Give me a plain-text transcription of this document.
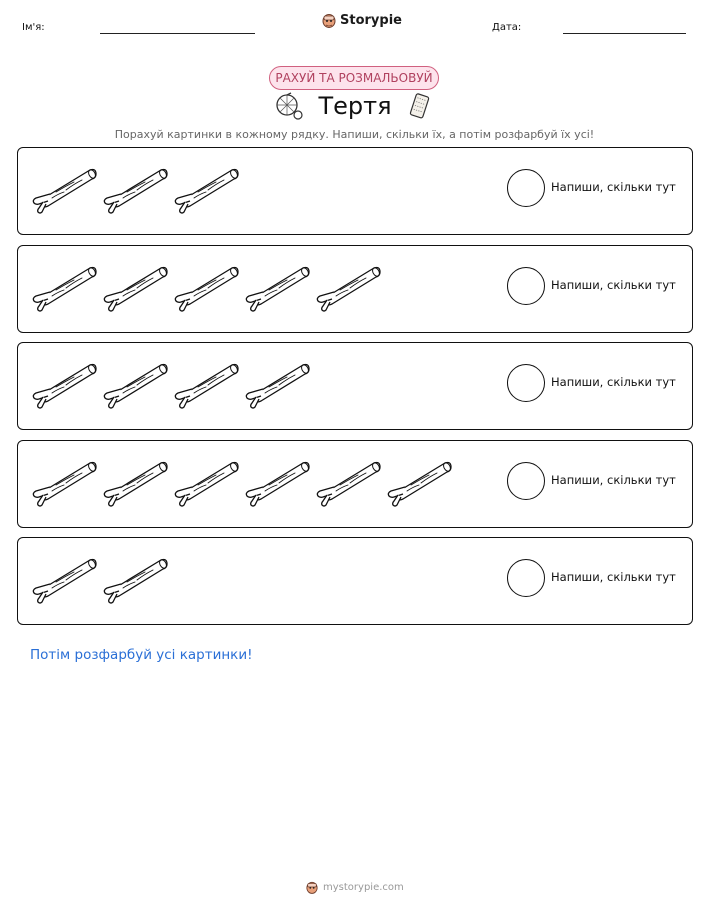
Ім'я:	Storypie	Дата:
РАХУЙ ТА РОЗМАЛЬОВУЙ
Тертя
Порахуй картинки в кожному рядку. Напиши, скільки їх, а потім розфарбуй їх усі!
Напиши, скільки тут
Напиши, скільки тут
Напиши, скільки тут
Напиши, скільки тут
Напиши, скільки тут
Потім розфарбуй усі картинки!
mystorypie.com
